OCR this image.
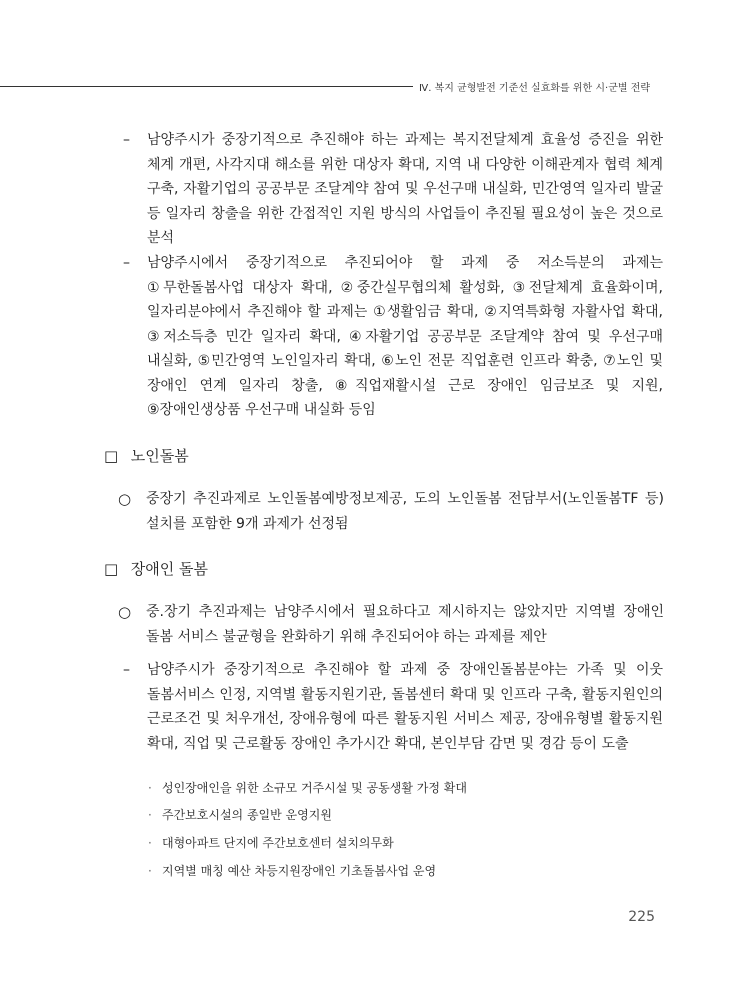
Ⅳ. 복지 균형발전 기준선 실효화를 위한 시·군별 전략
– 남양주시가 중장기적으로 추진해야 하는 과제는 복지전달체계 효율성 증진을 위한 체계 개편, 사각지대 해소를 위한 대상자 확대, 지역 내 다양한 이해관계자 협력 체계 구축, 자활기업의 공공부문 조달계약 참여 및 우선구매 내실화, 민간영역 일자리 발굴 등 일자리 창출을 위한 간접적인 지원 방식의 사업들이 추진될 필요성이 높은 것으로 분석
– 남양주시에서 중장기적으로 추진되어야 할 과제 중 저소득분의 과제는 ①무한돌봄사업 대상자 확대, ②중간실무협의체 활성화, ③전달체계 효율화이며, 일자리분야에서 추진해야 할 과제는 ①생활임금 확대, ②지역특화형 자활사업 확대, ③저소득층 민간 일자리 확대, ④자활기업 공공부문 조달계약 참여 및 우선구매 내실화, ⑤민간영역 노인일자리 확대, ⑥노인 전문 직업훈련 인프라 확충, ⑦노인 및 장애인 연계 일자리 창출, ⑧직업재활시설 근로 장애인 임금보조 및 지원, ⑨장애인생상품 우선구매 내실화 등임
□ 노인돌봄
○ 중장기 추진과제로 노인돌봄예방정보제공, 도의 노인돌봄 전담부서(노인돌봄TF 등) 설치를 포함한 9개 과제가 선정됨
□ 장애인 돌봄
○ 중.장기 추진과제는 남양주시에서 필요하다고 제시하지는 않았지만 지역별 장애인 돌봄 서비스 불균형을 완화하기 위해 추진되어야 하는 과제를 제안
– 남양주시가 중장기적으로 추진해야 할 과제 중 장애인돌봄분야는 가족 및 이웃 돌봄서비스 인정, 지역별 활동지원기관, 돌봄센터 확대 및 인프라 구축, 활동지원인의 근로조건 및 처우개선, 장애유형에 따른 활동지원 서비스 제공, 장애유형별 활동지원 확대, 직업 및 근로활동 장애인 추가시간 확대, 본인부담 감면 및 경감 등이 도출
· 성인장애인을 위한 소규모 거주시설 및 공동생활 가정 확대
· 주간보호시설의 종일반 운영지원
· 대형아파트 단지에 주간보호센터 설치의무화
· 지역별 매칭 예산 차등지원장애인 기초돌봄사업 운영
225
